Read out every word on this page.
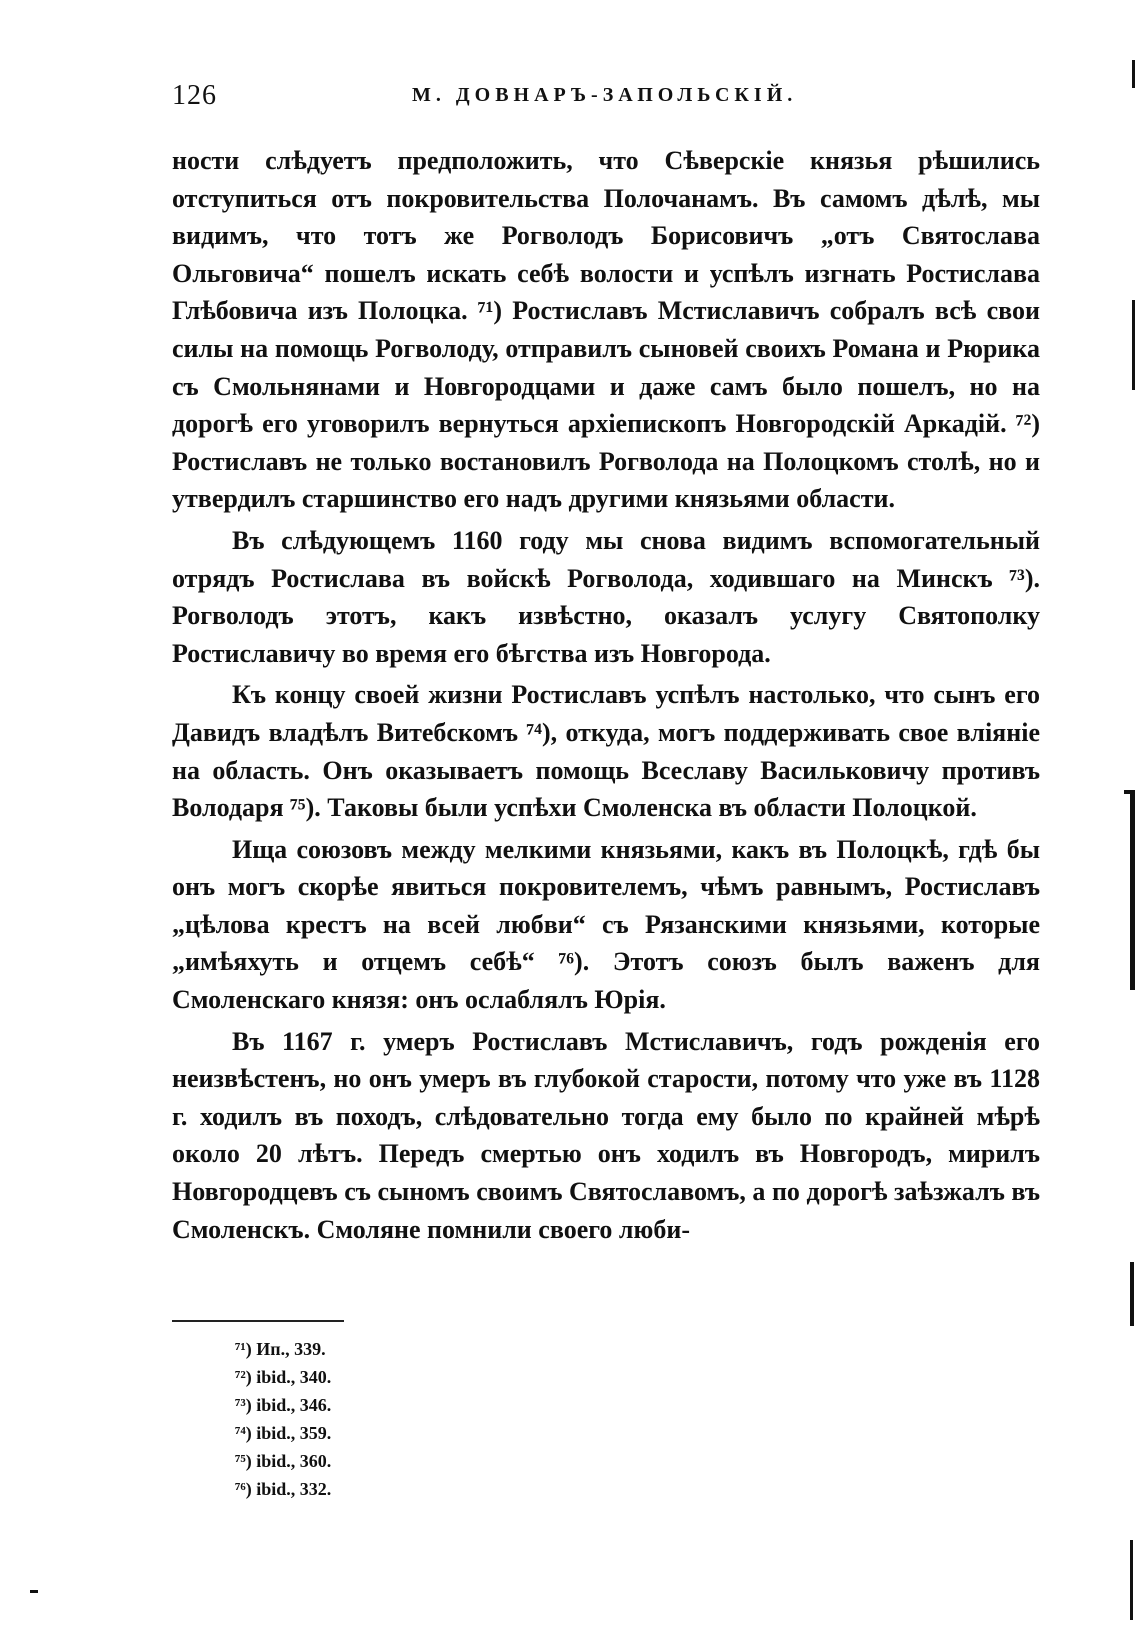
126	М. ДОВНАРЪ-ЗАПОЛЬСКІЙ.

ности слѣдуетъ предположить, что Сѣверскіе князья рѣшились отступиться отъ покровительства Полочанамъ. Въ самомъ дѣлѣ, мы видимъ, что тотъ же Рогволодъ Борисовичъ „отъ Святослава Ольговича“ пошелъ искать себѣ волости и успѣлъ изгнать Ростислава Глѣбовича изъ Полоцка. ⁷¹) Ростиславъ Мстиславичъ собралъ всѣ свои силы на помощь Рогволоду, отправилъ сыновей своихъ Романа и Рюрика съ Смольнянами и Новгородцами и даже самъ было пошелъ, но на дорогѣ его уговорилъ вернуться архіепископъ Новгородскій Аркадій. ⁷²) Ростиславъ не только востановилъ Рогволода на Полоцкомъ столѣ, но и утвердилъ старшинство его надъ другими князьями области.

Въ слѣдующемъ 1160 году мы снова видимъ вспомогательный отрядъ Ростислава въ войскѣ Рогволода, ходившаго на Минскъ ⁷³). Рогволодъ этотъ, какъ извѣстно, оказалъ услугу Святополку Ростиславичу во время его бѣгства изъ Новгорода.

Къ концу своей жизни Ростиславъ успѣлъ настолько, что сынъ его Давидъ владѣлъ Витебскомъ ⁷⁴), откуда, могъ поддерживать свое вліяніе на область. Онъ оказываетъ помощь Всеславу Васильковичу противъ Володаря ⁷⁵). Таковы были успѣхи Смоленска въ области Полоцкой.

Ища союзовъ между мелкими князьями, какъ въ Полоцкѣ, гдѣ бы онъ могъ скорѣе явиться покровителемъ, чѣмъ равнымъ, Ростиславъ „цѣлова крестъ на всей любви“ съ Рязанскими князьями, которые „имѣяхуть и отцемъ себѣ“ ⁷⁶). Этотъ союзъ былъ важенъ для Смоленскаго князя: онъ ослаблялъ Юрія.

Въ 1167 г. умеръ Ростиславъ Мстиславичъ, годъ рожденія его неизвѣстенъ, но онъ умеръ въ глубокой старости, потому что уже въ 1128 г. ходилъ въ походъ, слѣдовательно тогда ему было по крайней мѣрѣ около 20 лѣтъ. Передъ смертью онъ ходилъ въ Новгородъ, мирилъ Новгородцевъ съ сыномъ своимъ Святославомъ, а по дорогѣ заѣзжалъ въ Смоленскъ. Смоляне помнили своего люби-

⁷¹) Ип., 339.
⁷²) ibid., 340.
⁷³) ibid., 346.
⁷⁴) ibid., 359.
⁷⁵) ibid., 360.
⁷⁶) ibid., 332.
